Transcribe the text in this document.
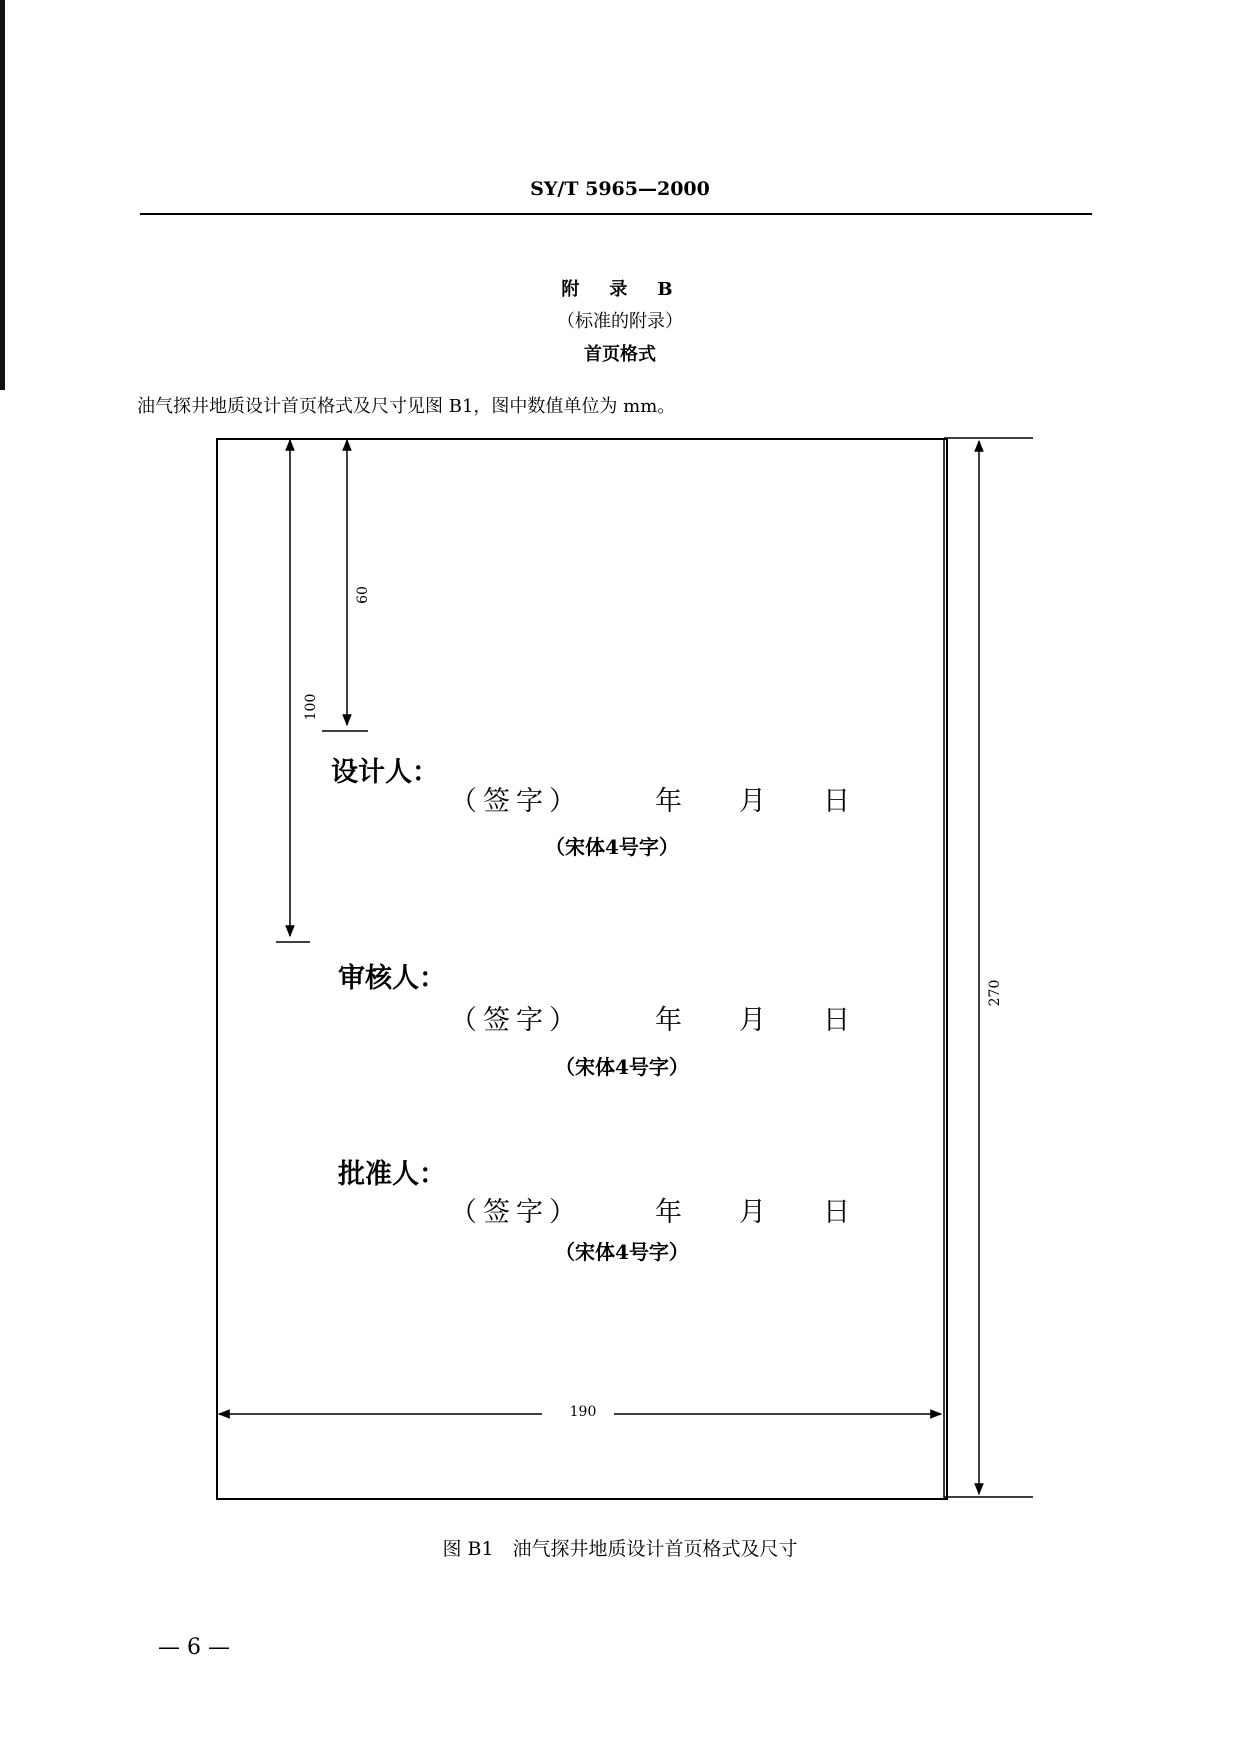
SY/T 5965—2000
附　录　B
（标准的附录）
首页格式
油气探井地质设计首页格式及尺寸见图 B1，图中数值单位为 mm。
60
100
190
270
设计人：
（签字）	年 月 日
（宋体4号字）
审核人：
（签字）	年 月 日
（宋体4号字）
批准人：
（签字）	年 月 日
（宋体4号字）
图 B1　油气探井地质设计首页格式及尺寸
— 6 —
